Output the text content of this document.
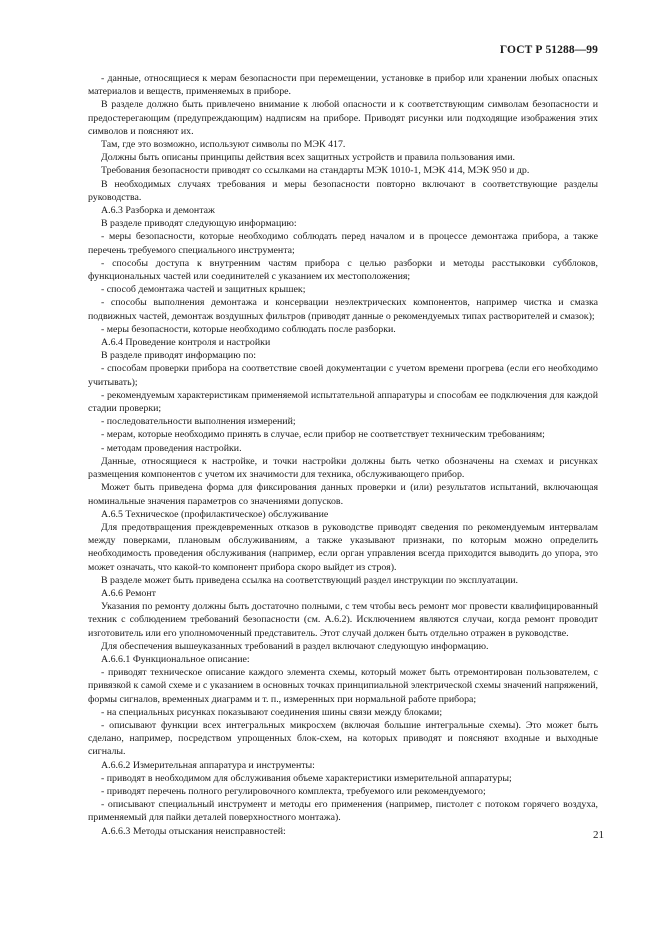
ГОСТ Р 51288—99

- данные, относящиеся к мерам безопасности при перемещении, установке в прибор или хранении любых опасных материалов и веществ, применяемых в приборе.

В разделе должно быть привлечено внимание к любой опасности и к соответствующим символам безопасности и предостерегающим (предупреждающим) надписям на приборе. Приводят рисунки или подходящие изображения этих символов и поясняют их.

Там, где это возможно, используют символы по МЭК 417.

Должны быть описаны принципы действия всех защитных устройств и правила пользования ими.

Требования безопасности приводят со ссылками на стандарты МЭК 1010-1, МЭК 414, МЭК 950 и др.

В необходимых случаях требования и меры безопасности повторно включают в соответствующие разделы руководства.

А.6.3 Разборка и демонтаж

В разделе приводят следующую информацию:

- меры безопасности, которые необходимо соблюдать перед началом и в процессе демонтажа прибора, а также перечень требуемого специального инструмента;

- способы доступа к внутренним частям прибора с целью разборки и методы расстыковки субблоков, функциональных частей или соединителей с указанием их местоположения;

- способ демонтажа частей и защитных крышек;

- способы выполнения демонтажа и консервации неэлектрических компонентов, например чистка и смазка подвижных частей, демонтаж воздушных фильтров (приводят данные о рекомендуемых типах растворителей и смазок);

- меры безопасности, которые необходимо соблюдать после разборки.

А.6.4 Проведение контроля и настройки

В разделе приводят информацию по:

- способам проверки прибора на соответствие своей документации с учетом времени прогрева (если его необходимо учитывать);

- рекомендуемым характеристикам применяемой испытательной аппаратуры и способам ее подключения для каждой стадии проверки;

- последовательности выполнения измерений;

- мерам, которые необходимо принять в случае, если прибор не соответствует техническим требованиям;

- методам проведения настройки.

Данные, относящиеся к настройке, и точки настройки должны быть четко обозначены на схемах и рисунках размещения компонентов с учетом их значимости для техника, обслуживающего прибор.

Может быть приведена форма для фиксирования данных проверки и (или) результатов испытаний, включающая номинальные значения параметров со значениями допусков.

А.6.5 Техническое (профилактическое) обслуживание

Для предотвращения преждевременных отказов в руководстве приводят сведения по рекомендуемым интервалам между поверками, плановым обслуживаниям, а также указывают признаки, по которым можно определить необходимость проведения обслуживания (например, если орган управления всегда приходится выводить до упора, это может означать, что какой-то компонент прибора скоро выйдет из строя).

В разделе может быть приведена ссылка на соответствующий раздел инструкции по эксплуатации.

А.6.6 Ремонт

Указания по ремонту должны быть достаточно полными, с тем чтобы весь ремонт мог провести квалифицированный техник с соблюдением требований безопасности (см. А.6.2). Исключением являются случаи, когда ремонт проводит изготовитель или его уполномоченный представитель. Этот случай должен быть отдельно отражен в руководстве.

Для обеспечения вышеуказанных требований в раздел включают следующую информацию.

А.6.6.1 Функциональное описание:

- приводят техническое описание каждого элемента схемы, который может быть отремонтирован пользователем, с привязкой к самой схеме и с указанием в основных точках принципиальной электрической схемы значений напряжений, формы сигналов, временных диаграмм и т. п., измеренных при нормальной работе прибора;

- на специальных рисунках показывают соединения шины связи между блоками;

- описывают функции всех интегральных микросхем (включая большие интегральные схемы). Это может быть сделано, например, посредством упрощенных блок-схем, на которых приводят и поясняют входные и выходные сигналы.

А.6.6.2 Измерительная аппаратура и инструменты:

- приводят в необходимом для обслуживания объеме характеристики измерительной аппаратуры;

- приводят перечень полного регулировочного комплекта, требуемого или рекомендуемого;

- описывают специальный инструмент и методы его применения (например, пистолет с потоком горячего воздуха, применяемый для пайки деталей поверхностного монтажа).

А.6.6.3 Методы отыскания неисправностей:	21
